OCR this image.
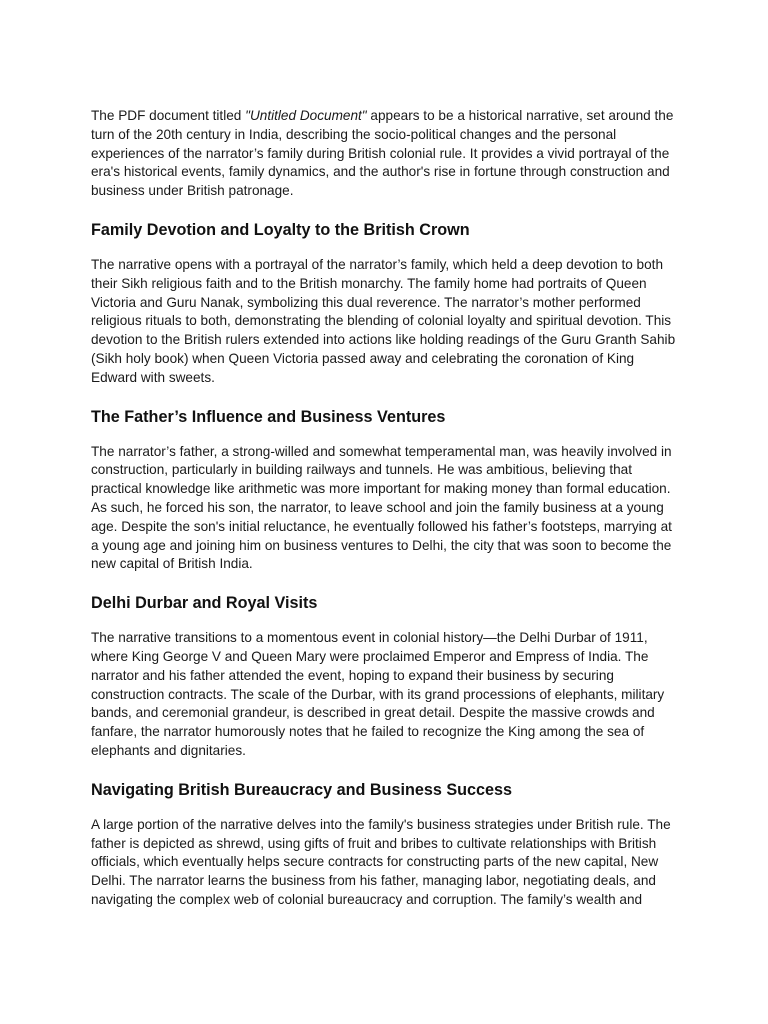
The PDF document titled "Untitled Document" appears to be a historical narrative, set around the turn of the 20th century in India, describing the socio-political changes and the personal experiences of the narrator’s family during British colonial rule. It provides a vivid portrayal of the era's historical events, family dynamics, and the author's rise in fortune through construction and business under British patronage.

Family Devotion and Loyalty to the British Crown

The narrative opens with a portrayal of the narrator’s family, which held a deep devotion to both their Sikh religious faith and to the British monarchy. The family home had portraits of Queen Victoria and Guru Nanak, symbolizing this dual reverence. The narrator’s mother performed religious rituals to both, demonstrating the blending of colonial loyalty and spiritual devotion. This devotion to the British rulers extended into actions like holding readings of the Guru Granth Sahib (Sikh holy book) when Queen Victoria passed away and celebrating the coronation of King Edward with sweets.

The Father’s Influence and Business Ventures

The narrator’s father, a strong-willed and somewhat temperamental man, was heavily involved in construction, particularly in building railways and tunnels. He was ambitious, believing that practical knowledge like arithmetic was more important for making money than formal education. As such, he forced his son, the narrator, to leave school and join the family business at a young age. Despite the son's initial reluctance, he eventually followed his father’s footsteps, marrying at a young age and joining him on business ventures to Delhi, the city that was soon to become the new capital of British India.

Delhi Durbar and Royal Visits

The narrative transitions to a momentous event in colonial history—the Delhi Durbar of 1911, where King George V and Queen Mary were proclaimed Emperor and Empress of India. The narrator and his father attended the event, hoping to expand their business by securing construction contracts. The scale of the Durbar, with its grand processions of elephants, military bands, and ceremonial grandeur, is described in great detail. Despite the massive crowds and fanfare, the narrator humorously notes that he failed to recognize the King among the sea of elephants and dignitaries.

Navigating British Bureaucracy and Business Success

A large portion of the narrative delves into the family's business strategies under British rule. The father is depicted as shrewd, using gifts of fruit and bribes to cultivate relationships with British officials, which eventually helps secure contracts for constructing parts of the new capital, New Delhi. The narrator learns the business from his father, managing labor, negotiating deals, and navigating the complex web of colonial bureaucracy and corruption. The family’s wealth and
